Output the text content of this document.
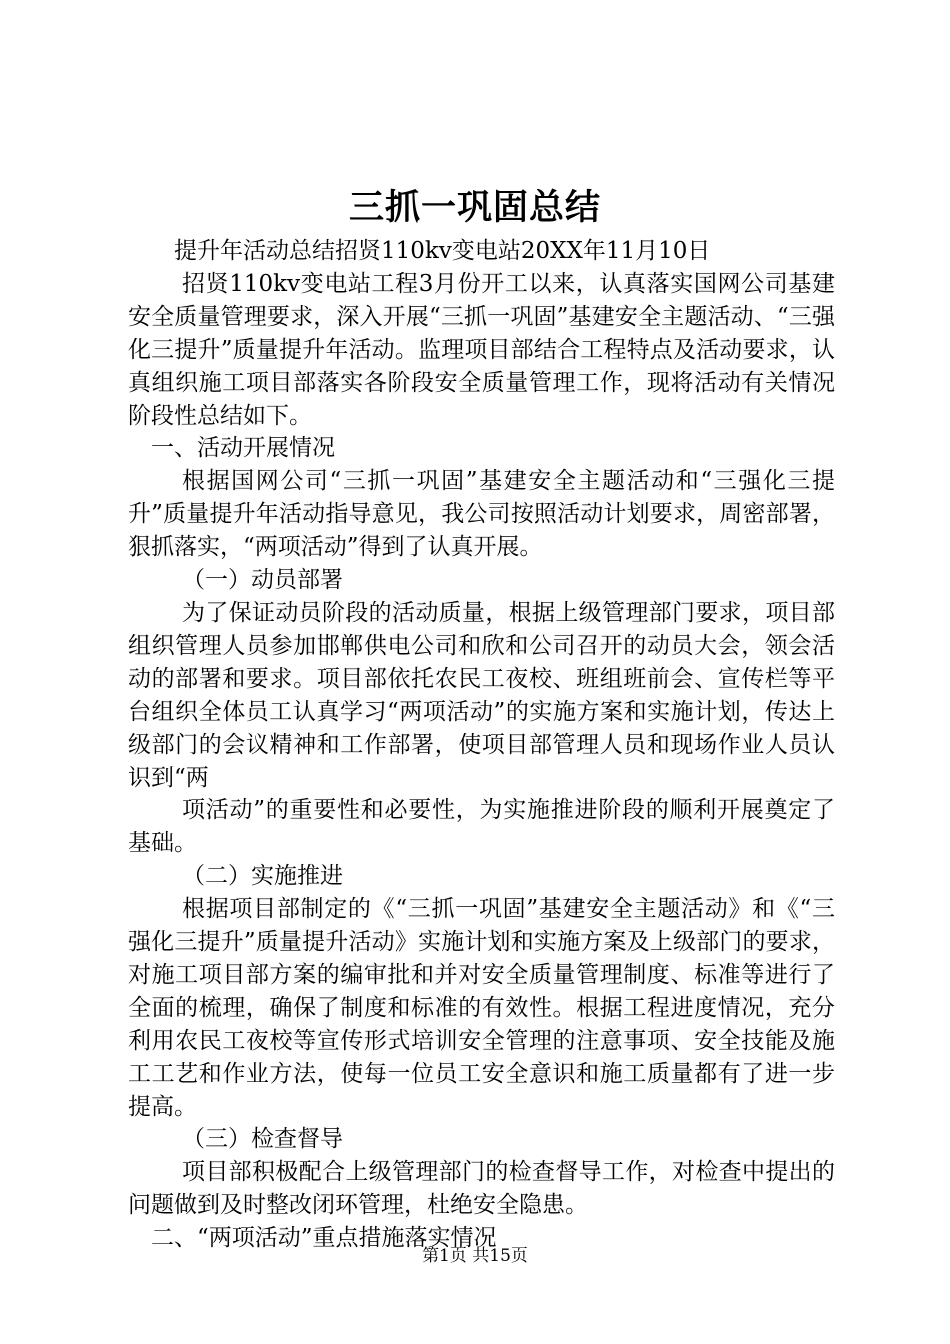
三抓一巩固总结

提升年活动总结招贤110kv变电站20XX年11月10日

招贤110kv变电站工程3月份开工以来，认真落实国网公司基建安全质量管理要求，深入开展“三抓一巩固”基建安全主题活动、“三强化三提升”质量提升年活动。监理项目部结合工程特点及活动要求，认真组织施工项目部落实各阶段安全质量管理工作，现将活动有关情况阶段性总结如下。

一、活动开展情况

根据国网公司“三抓一巩固”基建安全主题活动和“三强化三提升”质量提升年活动指导意见，我公司按照活动计划要求，周密部署，狠抓落实，“两项活动”得到了认真开展。

（一）动员部署

为了保证动员阶段的活动质量，根据上级管理部门要求，项目部组织管理人员参加邯郸供电公司和欣和公司召开的动员大会，领会活动的部署和要求。项目部依托农民工夜校、班组班前会、宣传栏等平台组织全体员工认真学习“两项活动”的实施方案和实施计划，传达上级部门的会议精神和工作部署，使项目部管理人员和现场作业人员认识到“两

项活动”的重要性和必要性，为实施推进阶段的顺利开展奠定了基础。

（二）实施推进

根据项目部制定的《“三抓一巩固”基建安全主题活动》和《“三强化三提升”质量提升活动》实施计划和实施方案及上级部门的要求，对施工项目部方案的编审批和并对安全质量管理制度、标准等进行了全面的梳理，确保了制度和标准的有效性。根据工程进度情况，充分利用农民工夜校等宣传形式培训安全管理的注意事项、安全技能及施工工艺和作业方法，使每一位员工安全意识和施工质量都有了进一步提高。

（三）检查督导

项目部积极配合上级管理部门的检查督导工作，对检查中提出的问题做到及时整改闭环管理，杜绝安全隐患。

二、“两项活动”重点措施落实情况

第1页 共15页
